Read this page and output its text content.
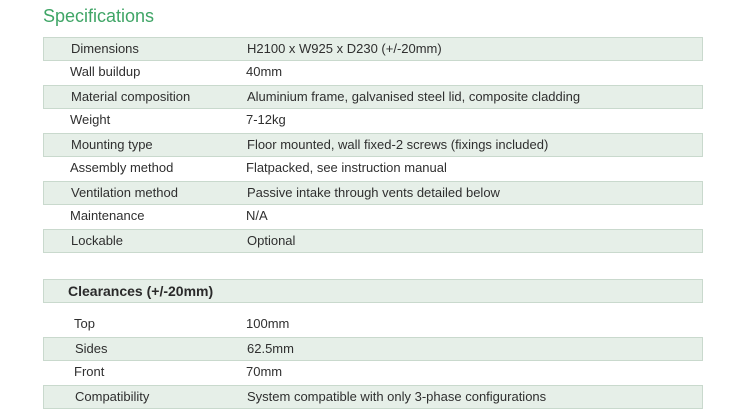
Specifications
Dimensions	H2100 x W925 x D230 (+/-20mm)
Wall buildup	40mm
Material composition	Aluminium frame, galvanised steel lid, composite cladding
Weight	7-12kg
Mounting type	Floor mounted, wall fixed-2 screws (fixings included)
Assembly method	Flatpacked, see instruction manual
Ventilation method	Passive intake through vents detailed below
Maintenance	N/A
Lockable	Optional
Clearances (+/-20mm)
Top	100mm
Sides	62.5mm
Front	70mm
Compatibility	System compatible with only 3-phase configurations
